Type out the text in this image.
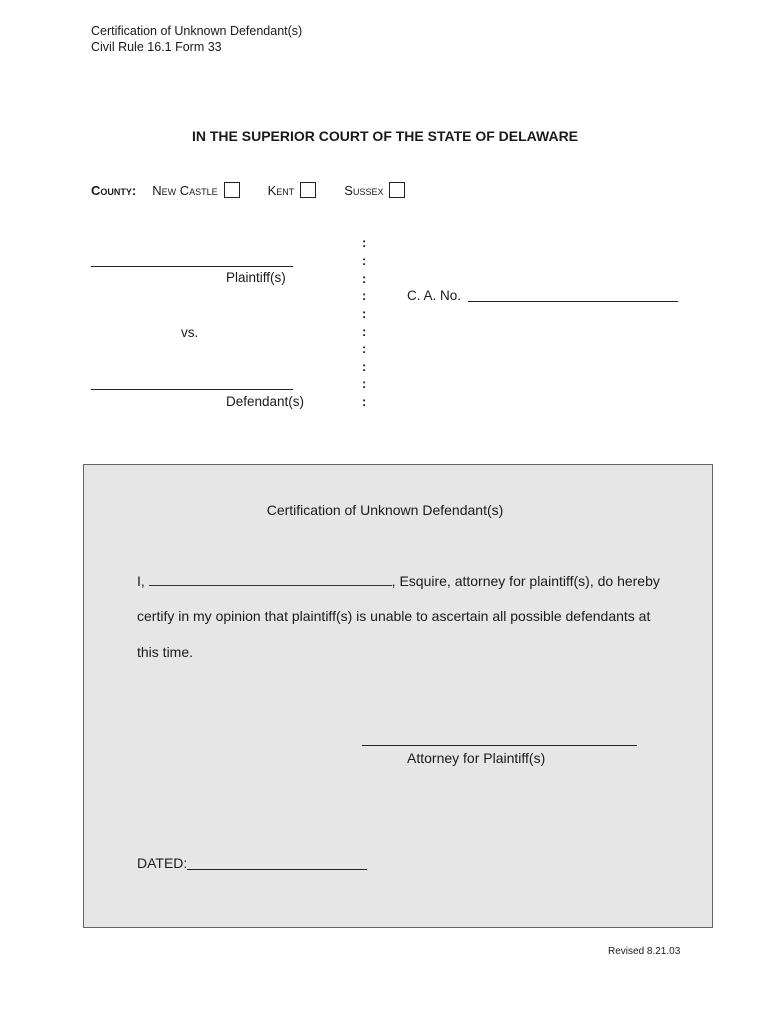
Certification of Unknown Defendant(s)
Civil Rule 16.1 Form 33
IN THE SUPERIOR COURT OF THE STATE OF DELAWARE
County: New Castle	Kent	Sussex
Plaintiff(s)
vs.
Defendant(s)
:
:
:
:
:
:
:
:
:
:
C. A. No.
Certification of Unknown Defendant(s)
I,	, Esquire, attorney for plaintiff(s), do hereby
certify in my opinion that plaintiff(s) is unable to ascertain all possible defendants at
this time.
Attorney for Plaintiff(s)
DATED:
Revised 8.21.03
